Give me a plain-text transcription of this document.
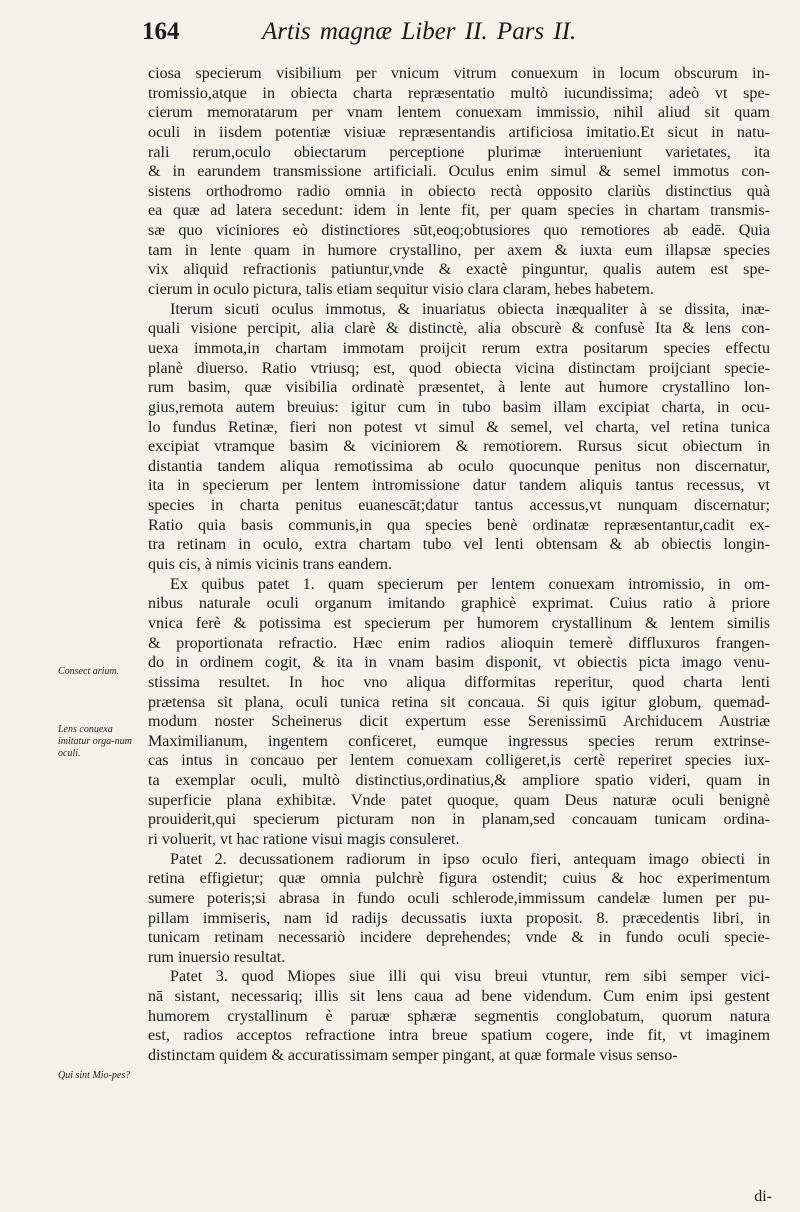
164	Artis magnæ Liber II. Pars II.
Consect arium.
Lens conuexa imitatur orga-num oculi.
Qui sint Mio-pes?
ciosa specierum visibilium per vnicum vitrum conuexum in locum obscurum in-
tromissio,atque in obiecta charta repræsentatio multò iucundissima; adeò vt spe-
cierum memoratarum per vnam lentem conuexam immissio, nihil aliud sit quam
oculi in iisdem potentiæ visiuæ repræsentandis artificiosa imitatio.Et sicut in natu-
rali rerum,oculo obiectarum perceptione plurimæ interueniunt varietates, ita
& in earundem transmissione artificiali. Oculus enim simul & semel immotus con-
sistens orthodromo radio omnia in obiecto rectà opposito clariùs distinctius quà
ea quæ ad latera secedunt: idem in lente fit, per quam species in chartam transmis-
sæ quo viciniores eò distinctiores sūt,eoq;obtusiores quo remotiores ab eadē. Quia
tam in lente quam in humore crystallino, per axem & iuxta eum illapsæ species
vix aliquid refractionis patiuntur,vnde & exactè pinguntur, qualis autem est spe-
cierum in oculo pictura, talis etiam sequitur visio clara claram, hebes habetem.
Iterum sicuti oculus immotus, & inuariatus obiecta inæqualiter à se dissita, inæ-
quali visione percipit, alia clarè & distinctè, alia obscurè & confusè Ita & lens con-
uexa immota,in chartam immotam proijcit rerum extra positarum species effectu
planè diuerso. Ratio vtriusq; est, quod obiecta vicina distinctam proijciant specie-
rum basim, quæ visibilia ordinatè præsentet, à lente aut humore crystallino lon-
gius,remota autem breuius: igitur cum in tubo basim illam excipiat charta, in ocu-
lo fundus Retinæ, fieri non potest vt simul & semel, vel charta, vel retina tunica
excipiat vtramque basim & viciniorem & remotiorem. Rursus sicut obiectum in
distantia tandem aliqua remotissima ab oculo quocunque penitus non discernatur,
ita in specierum per lentem intromissione datur tandem aliquis tantus recessus, vt
species in charta penitus euanescāt;datur tantus accessus,vt nunquam discernatur;
Ratio quia basis communis,in qua species benè ordinatæ repræsentantur,cadit ex-
tra retinam in oculo, extra chartam tubo vel lenti obtensam & ab obiectis longin-
quis cis, à nimis vicinis trans eandem.
Ex quibus patet 1. quam specierum per lentem conuexam intromissio, in om-
nibus naturale oculi organum imitando graphicè exprimat. Cuius ratio à priore
vnica ferè & potissima est specierum per humorem crystallinum & lentem similis
& proportionata refractio. Hæc enim radios alioquin temerè diffluxuros frangen-
do in ordinem cogit, & ita in vnam basim disponit, vt obiectis picta imago venu-
stissima resultet. In hoc vno aliqua difformitas reperitur, quod charta lenti
prætensa sit plana, oculi tunica retina sit concaua. Si quis igitur globum, quemad-
modum noster Scheinerus dicit expertum esse Serenissimū Archiducem Austriæ
Maximilianum, ingentem conficeret, eumque ingressus species rerum extrinse-
cas intus in concauo per lentem conuexam colligeret,is certè reperiret species iux-
ta exemplar oculi, multò distinctius,ordinatius,& ampliore spatio videri, quam in
superficie plana exhibitæ. Vnde patet quoque, quam Deus naturæ oculi benignè
prouiderit,qui specierum picturam non in planam,sed concauam tunicam ordina-
ri voluerit, vt hac ratione visui magis consuleret.
Patet 2. decussationem radiorum in ipso oculo fieri, antequam imago obiecti in
retina effigietur; quæ omnia pulchrè figura ostendit; cuius & hoc experimentum
sumere poteris;si abrasa in fundo oculi schlerode,immissum candelæ lumen per pu-
pillam immiseris, nam id radijs decussatis iuxta proposit. 8. præcedentis libri, in
tunicam retinam necessariò incidere deprehendes; vnde & in fundo oculi specie-
rum inuersio resultat.
Patet 3. quod Miopes siue illi qui visu breui vtuntur, rem sibi semper vici-
nā sistant, necessariq; illis sit lens caua ad bene videndum. Cum enim ipsi gestent
humorem crystallinum è paruæ sphæræ segmentis conglobatum, quorum natura
est, radios acceptos refractione intra breue spatium cogere, inde fit, vt imaginem
distinctam quidem & accuratissimam semper pingant, at quæ formale visus senso-
di-
